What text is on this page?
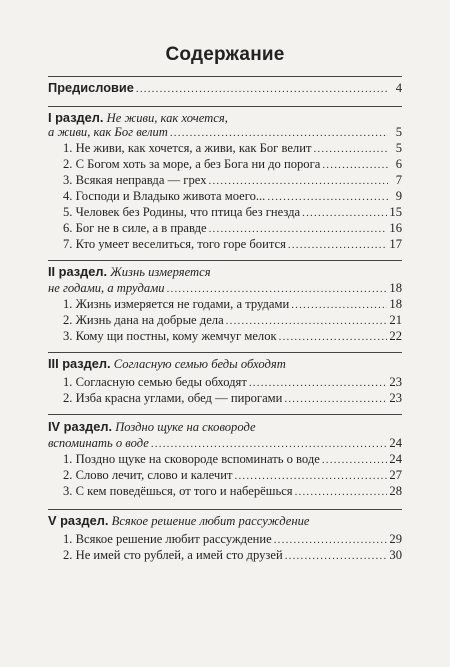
Содержание
Предисловие .....	4
I раздел. Не живи, как хочется,
а живи, как Бог велит .....	5
1. Не живи, как хочется, а живи, как Бог велит .....	5
2. С Богом хоть за море, а без Бога ни до порога .....	6
3. Всякая неправда — грех .....	7
4. Господи и Владыко живота моего... .....	9
5. Человек без Родины, что птица без гнезда .....	15
6. Бог не в силе, а в правде .....	16
7. Кто умеет веселиться, того горе боится .....	17
II раздел. Жизнь измеряется
не годами, а трудами .....	18
1. Жизнь измеряется не годами, а трудами .....	18
2. Жизнь дана на добрые дела .....	21
3. Кому щи постны, кому жемчуг мелок .....	22
III раздел. Согласную семью беды обходят
1. Согласную семью беды обходят .....	23
2. Изба красна углами, обед — пирогами .....	23
IV раздел. Поздно щуке на сковороде
вспоминать о воде .....	24
1. Поздно щуке на сковороде вспоминать о воде .....	24
2. Слово лечит, слово и калечит .....	27
3. С кем поведёшься, от того и наберёшься .....	28
V раздел. Всякое решение любит рассуждение
1. Всякое решение любит рассуждение .....	29
2. Не имей сто рублей, а имей сто друзей .....	30
